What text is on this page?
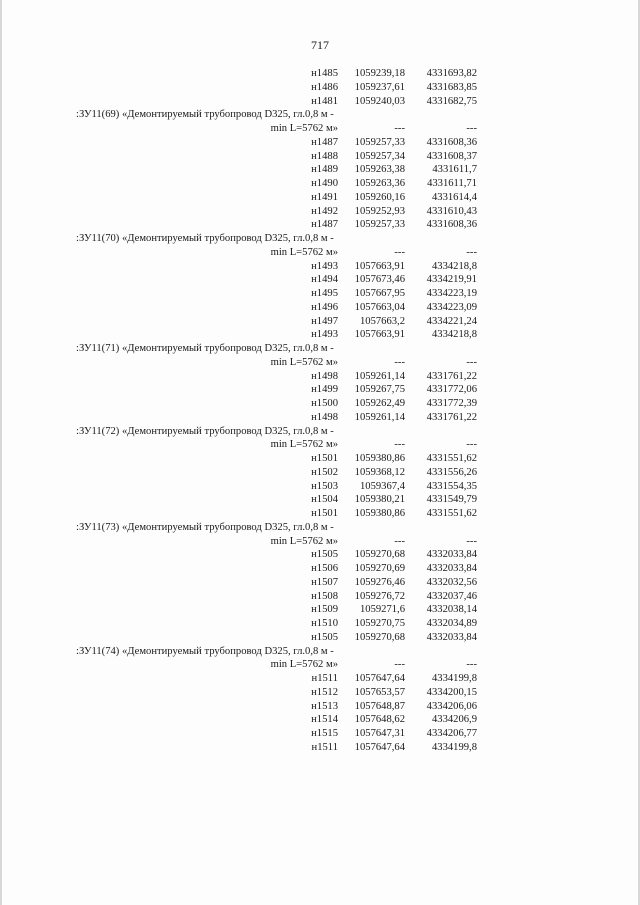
717
н1485	1059239,18	4331693,82
н1486	1059237,61	4331683,85
н1481	1059240,03	4331682,75
:ЗУ11(69) «Демонтируемый трубопровод D325, гл.0,8 м -
min L=5762 м»	---	---
н1487	1059257,33	4331608,36
н1488	1059257,34	4331608,37
н1489	1059263,38	4331611,7
н1490	1059263,36	4331611,71
н1491	1059260,16	4331614,4
н1492	1059252,93	4331610,43
н1487	1059257,33	4331608,36
:ЗУ11(70) «Демонтируемый трубопровод D325, гл.0,8 м -
min L=5762 м»	---	---
н1493	1057663,91	4334218,8
н1494	1057673,46	4334219,91
н1495	1057667,95	4334223,19
н1496	1057663,04	4334223,09
н1497	1057663,2	4334221,24
н1493	1057663,91	4334218,8
:ЗУ11(71) «Демонтируемый трубопровод D325, гл.0,8 м -
min L=5762 м»	---	---
н1498	1059261,14	4331761,22
н1499	1059267,75	4331772,06
н1500	1059262,49	4331772,39
н1498	1059261,14	4331761,22
:ЗУ11(72) «Демонтируемый трубопровод D325, гл.0,8 м -
min L=5762 м»	---	---
н1501	1059380,86	4331551,62
н1502	1059368,12	4331556,26
н1503	1059367,4	4331554,35
н1504	1059380,21	4331549,79
н1501	1059380,86	4331551,62
:ЗУ11(73) «Демонтируемый трубопровод D325, гл.0,8 м -
min L=5762 м»	---	---
н1505	1059270,68	4332033,84
н1506	1059270,69	4332033,84
н1507	1059276,46	4332032,56
н1508	1059276,72	4332037,46
н1509	1059271,6	4332038,14
н1510	1059270,75	4332034,89
н1505	1059270,68	4332033,84
:ЗУ11(74) «Демонтируемый трубопровод D325, гл.0,8 м -
min L=5762 м»	---	---
н1511	1057647,64	4334199,8
н1512	1057653,57	4334200,15
н1513	1057648,87	4334206,06
н1514	1057648,62	4334206,9
н1515	1057647,31	4334206,77
н1511	1057647,64	4334199,8
